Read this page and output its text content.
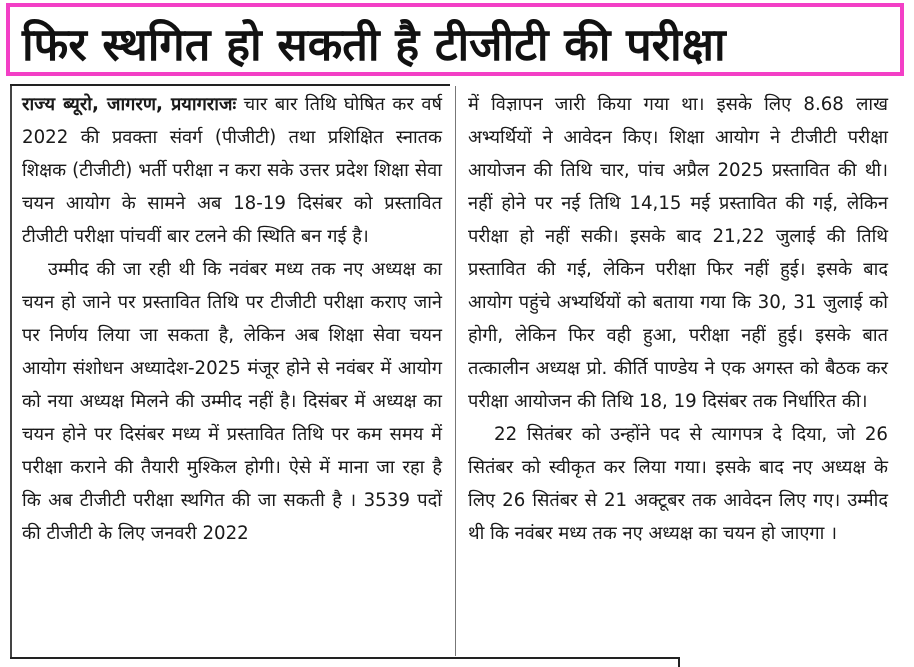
फिर स्थगित हो सकती है टीजीटी की परीक्षा

राज्य ब्यूरो, जागरण, प्रयागराजः चार बार तिथि घोषित कर वर्ष 2022 की प्रवक्ता संवर्ग (पीजीटी) तथा प्रशिक्षित स्नातक शिक्षक (टीजीटी) भर्ती परीक्षा न करा सके उत्तर प्रदेश शिक्षा सेवा चयन आयोग के सामने अब 18-19 दिसंबर को प्रस्तावित टीजीटी परीक्षा पांचवीं बार टलने की स्थिति बन गई है।

उम्मीद की जा रही थी कि नवंबर मध्य तक नए अध्यक्ष का चयन हो जाने पर प्रस्तावित तिथि पर टीजीटी परीक्षा कराए जाने पर निर्णय लिया जा सकता है, लेकिन अब शिक्षा सेवा चयन आयोग संशोधन अध्यादेश-2025 मंजूर होने से नवंबर में आयोग को नया अध्यक्ष मिलने की उम्मीद नहीं है। दिसंबर में अध्यक्ष का चयन होने पर दिसंबर मध्य में प्रस्तावित तिथि पर कम समय में परीक्षा कराने की तैयारी मुश्किल होगी। ऐसे में माना जा रहा है कि अब टीजीटी परीक्षा स्थगित की जा सकती है । 3539 पदों की टीजीटी के लिए जनवरी 2022

में विज्ञापन जारी किया गया था। इसके लिए 8.68 लाख अभ्यर्थियों ने आवेदन किए। शिक्षा आयोग ने टीजीटी परीक्षा आयोजन की तिथि चार, पांच अप्रैल 2025 प्रस्तावित की थी। नहीं होने पर नई तिथि 14,15 मई प्रस्तावित की गई, लेकिन परीक्षा हो नहीं सकी। इसके बाद 21,22 जुलाई की तिथि प्रस्तावित की गई, लेकिन परीक्षा फिर नहीं हुई। इसके बाद आयोग पहुंचे अभ्यर्थियों को बताया गया कि 30, 31 जुलाई को होगी, लेकिन फिर वही हुआ, परीक्षा नहीं हुई। इसके बात तत्कालीन अध्यक्ष प्रो. कीर्ति पाण्डेय ने एक अगस्त को बैठक कर परीक्षा आयोजन की तिथि 18, 19 दिसंबर तक निर्धारित की।

22 सितंबर को उन्होंने पद से त्यागपत्र दे दिया, जो 26 सितंबर को स्वीकृत कर लिया गया। इसके बाद नए अध्यक्ष के लिए 26 सितंबर से 21 अक्टूबर तक आवेदन लिए गए। उम्मीद थी कि नवंबर मध्य तक नए अध्यक्ष का चयन हो जाएगा ।
